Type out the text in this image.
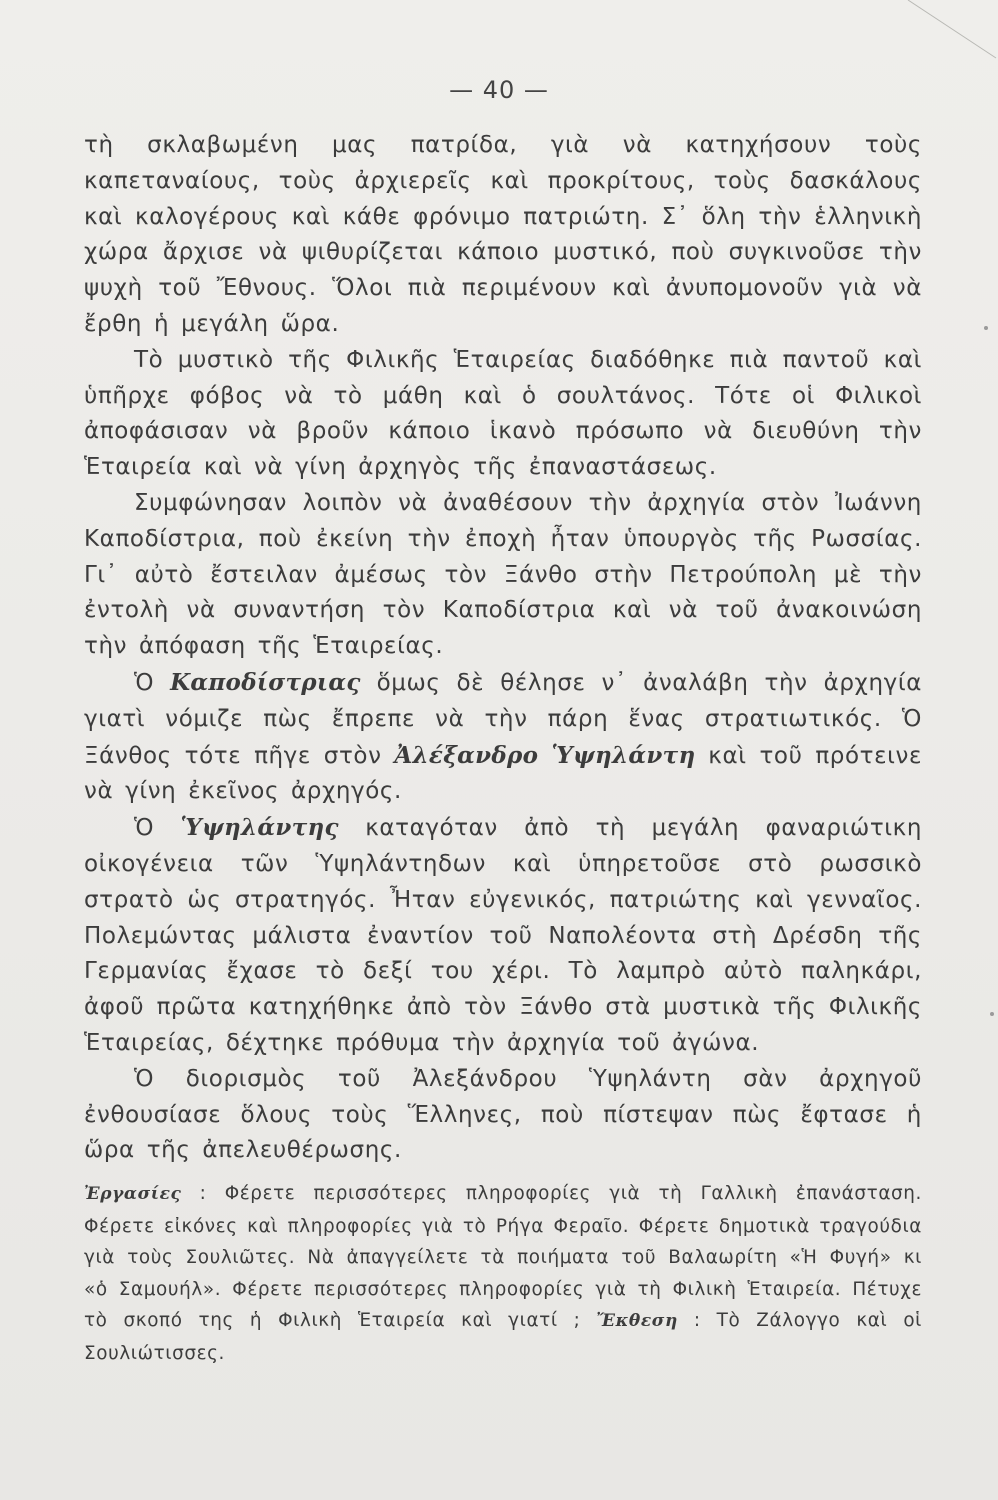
— 40 —

τὴ σκλαβωμένη μας πατρίδα, γιὰ νὰ κατηχήσουν τοὺς καπεταναίους, τοὺς ἀρχιερεῖς καὶ προκρίτους, τοὺς δασκάλους καὶ καλογέρους καὶ κάθε φρόνιμο πατριώτη. Σ᾿ ὅλη τὴν ἑλληνικὴ χώρα ἄρχισε νὰ ψιθυρίζεται κάποιο μυστικό, ποὺ συγκινοῦσε τὴν ψυχὴ τοῦ Ἔθνους. Ὅλοι πιὰ περιμένουν καὶ ἀνυπομονοῦν γιὰ νὰ ἔρθη ἡ μεγάλη ὥρα.

Τὸ μυστικὸ τῆς Φιλικῆς Ἑταιρείας διαδόθηκε πιὰ παντοῦ καὶ ὑπῆρχε φόβος νὰ τὸ μάθη καὶ ὁ σουλτάνος. Τότε οἱ Φιλικοὶ ἀποφάσισαν νὰ βροῦν κάποιο ἱκανὸ πρόσωπο νὰ διευθύνη τὴν Ἑταιρεία καὶ νὰ γίνη ἀρχηγὸς τῆς ἐπαναστάσεως.

Συμφώνησαν λοιπὸν νὰ ἀναθέσουν τὴν ἀρχηγία στὸν Ἰωάννη Καποδίστρια, ποὺ ἐκείνη τὴν ἐποχὴ ἦταν ὑπουργὸς τῆς Ρωσσίας. Γι᾿ αὐτὸ ἔστειλαν ἀμέσως τὸν Ξάνθο στὴν Πετρούπολη μὲ τὴν ἐντολὴ νὰ συναντήση τὸν Καποδίστρια καὶ νὰ τοῦ ἀνακοινώση τὴν ἀπόφαση τῆς Ἑταιρείας.

Ὁ Καποδίστριας ὅμως δὲ θέλησε ν᾿ ἀναλάβη τὴν ἀρχηγία γιατὶ νόμιζε πὼς ἔπρεπε νὰ τὴν πάρη ἕνας στρατιωτικός. Ὁ Ξάνθος τότε πῆγε στὸν Ἀλέξανδρο Ὑψηλάντη καὶ τοῦ πρότεινε νὰ γίνη ἐκεῖνος ἀρχηγός.

Ὁ Ὑψηλάντης καταγόταν ἀπὸ τὴ μεγάλη φαναριώτικη οἰκογένεια τῶν Ὑψηλάντηδων καὶ ὑπηρετοῦσε στὸ ρωσσικὸ στρατὸ ὡς στρατηγός. Ἦταν εὐγενικός, πατριώτης καὶ γενναῖος. Πολεμώντας μάλιστα ἐναντίον τοῦ Ναπολέοντα στὴ Δρέσδη τῆς Γερμανίας ἔχασε τὸ δεξί του χέρι. Τὸ λαμπρὸ αὐτὸ παληκάρι, ἀφοῦ πρῶτα κατηχήθηκε ἀπὸ τὸν Ξάνθο στὰ μυστικὰ τῆς Φιλικῆς Ἑταιρείας, δέχτηκε πρόθυμα τὴν ἀρχηγία τοῦ ἀγώνα.

Ὁ διορισμὸς τοῦ Ἀλεξάνδρου Ὑψηλάντη σὰν ἀρχηγοῦ ἐνθουσίασε ὅλους τοὺς Ἕλληνες, ποὺ πίστεψαν πὼς ἔφτασε ἡ ὥρα τῆς ἀπελευθέρωσης.

Ἐργασίες : Φέρετε περισσότερες πληροφορίες γιὰ τὴ Γαλλικὴ ἐπανάσταση. Φέρετε εἰκόνες καὶ πληροφορίες γιὰ τὸ Ρήγα Φεραῖο. Φέρετε δημοτικὰ τραγούδια γιὰ τοὺς Σουλιῶτες. Νὰ ἀπαγγείλετε τὰ ποιήματα τοῦ Βαλαωρίτη «Ἡ Φυγή» κι «ὁ Σαμουήλ». Φέρετε περισσότερες πληροφορίες γιὰ τὴ Φιλικὴ Ἑταιρεία. Πέτυχε τὸ σκοπό της ἡ Φιλικὴ Ἑταιρεία καὶ γιατί ; Ἔκθεση : Τὸ Ζάλογγο καὶ οἱ Σουλιώτισσες.
